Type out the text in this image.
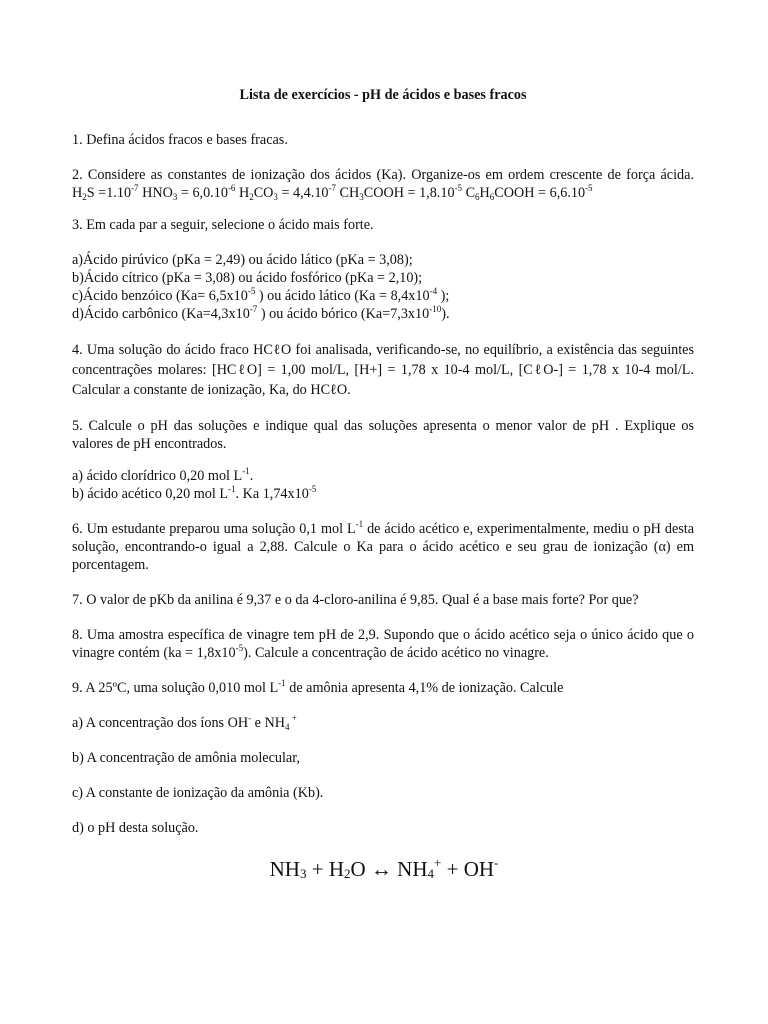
Lista de exercícios - pH de ácidos e bases fracos

1. Defina ácidos fracos e bases fracas.

2. Considere as constantes de ionização dos ácidos (Ka). Organize-os em ordem crescente de força ácida. $H_2S =1.10^{-7}$ $HNO_3 = 6,0.10^{-6}$ $H_2CO_3 = 4,4.10^{-7}$ $CH_3COOH = 1,8.10^{-5}$ $C_6H_6COOH = 6,6.10^{-5}$

3. Em cada par a seguir, selecione o ácido mais forte.

a)Ácido pirúvico (pKa = 2,49) ou ácido lático (pKa = 3,08);

b)Ácido cítrico (pKa = 3,08) ou ácido fosfórico (pKa = 2,10);

c)Ácido benzóico ($Ka= 6,5x10^{-5}$ ) ou ácido lático ($Ka = 8,4x10^{-4}$ );

d)Ácido carbônico ($Ka=4,3x10^{-7}$ ) ou ácido bórico $(Ka=7,3x10^{-10})$.

4. Uma solução do ácido fraco HCℓO foi analisada, verificando-se, no equilíbrio, a existência das seguintes concentrações molares: [HCℓO] = 1,00 mol/L, [H+] = 1,78 x 10-4 mol/L, [CℓO-] = 1,78 x 10-4 mol/L. Calcular a constante de ionização, Ka, do HCℓO.

5. Calcule o pH das soluções e indique qual das soluções apresenta o menor valor de pH . Explique os valores de pH encontrados.

a) ácido clorídrico 0,20 mol $L^{-1}$.

b) ácido acético 0,20 mol $L^{-1}$. Ka $1,74x10^{-5}$

6. Um estudante preparou uma solução 0,1 mol $L^{-1}$ de ácido acético e, experimentalmente, mediu o pH desta solução, encontrando-o igual a 2,88. Calcule o Ka para o ácido acético e seu grau de ionização (α) em porcentagem.

7. O valor de pKb da anilina é 9,37 e o da 4-cloro-anilina é 9,85. Qual é a base mais forte? Por que?

8. Uma amostra específica de vinagre tem pH de 2,9. Supondo que o ácido acético seja o único ácido que o vinagre contém $(ka = 1,8x10^{-5})$. Calcule a concentração de ácido acético no vinagre.

9. A 25ºC, uma solução 0,010 mol $L^{-1}$ de amônia apresenta 4,1% de ionização. Calcule

a) A concentração dos íons OH- e $NH_4$ +

b) A concentração de amônia molecular,

c) A constante de ionização da amônia (Kb).

d) o pH desta solução.

$NH_3 + H_2O$ ↔ $NH_4^+ + OH^-$
